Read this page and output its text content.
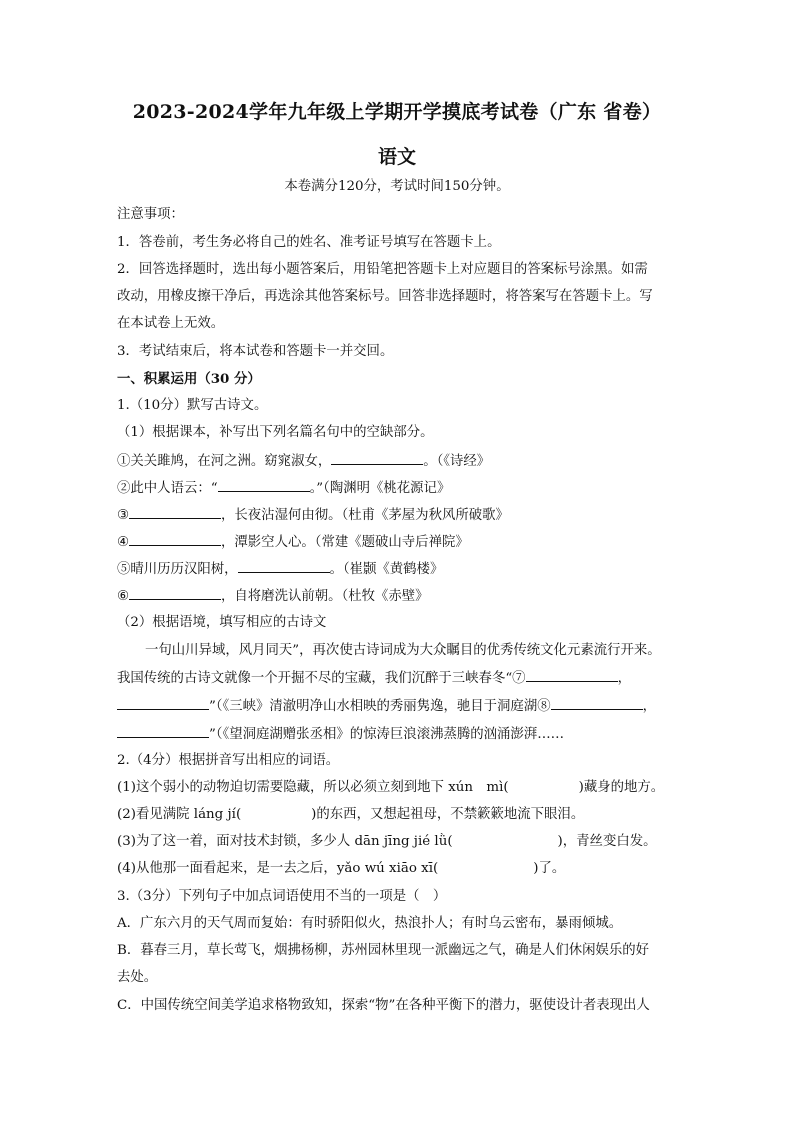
2023-2024学年九年级上学期开学摸底考试卷（广东 省卷）
语文
本卷满分120分，考试时间150分钟。
注意事项：
1．答卷前，考生务必将自己的姓名、准考证号填写在答题卡上。
2．回答选择题时，选出每小题答案后，用铅笔把答题卡上对应题目的答案标号涂黑。如需
改动，用橡皮擦干净后，再选涂其他答案标号。回答非选择题时，将答案写在答题卡上。写
在本试卷上无效。
3．考试结束后，将本试卷和答题卡一并交回。
一、积累运用（30 分）
1.（10分）默写古诗文。
（1）根据课本，补写出下列名篇名句中的空缺部分。
①关关雎鸠，在河之洲。窈窕淑女，	。（《诗经》
②此中人语云：“	。”（陶渊明《桃花源记》
③	，长夜沾湿何由彻。（杜甫《茅屋为秋风所破歌》
④	，潭影空人心。（常建《题破山寺后禅院》
⑤晴川历历汉阳树，	。（崔颢《黄鹤楼》
⑥	，自将磨洗认前朝。（杜牧《赤壁》
（2）根据语境，填写相应的古诗文
一句山川异域，风月同天”，再次使古诗词成为大众瞩目的优秀传统文化元素流行开来。
我国传统的古诗文就像一个开掘不尽的宝藏，我们沉醉于三峡春冬“⑦	，
”（《三峡》清澈明净山水相映的秀丽隽逸，驰目于洞庭湖⑧	，
”（《望洞庭湖赠张丞相》的惊涛巨浪滚沸蒸腾的汹涌澎湃……
2.（4分）根据拼音写出相应的词语。
(1)这个弱小的动物迫切需要隐藏，所以必须立刻到地下 xún　mì(	)藏身的地方。
(2)看见满院 láng jí(	)的东西，又想起祖母，不禁簌簌地流下眼泪。
(3)为了这一着，面对技术封锁，多少人 dān jīng jié lǜ(	)，青丝变白发。
(4)从他那一面看起来，是一去之后，yǎo wú xiāo xī(	)了。
3.（3分）下列句子中加点词语使用不当的一项是（　）
A．广东六月的天气周而复始：有时骄阳似火，热浪扑人；有时乌云密布，暴雨倾城。
B．暮春三月，草长莺飞，烟拂杨柳，苏州园林里现一派幽远之气，确是人们休闲娱乐的好
去处。
C．中国传统空间美学追求格物致知，探索“物”在各种平衡下的潜力，驱使设计者表现出人
